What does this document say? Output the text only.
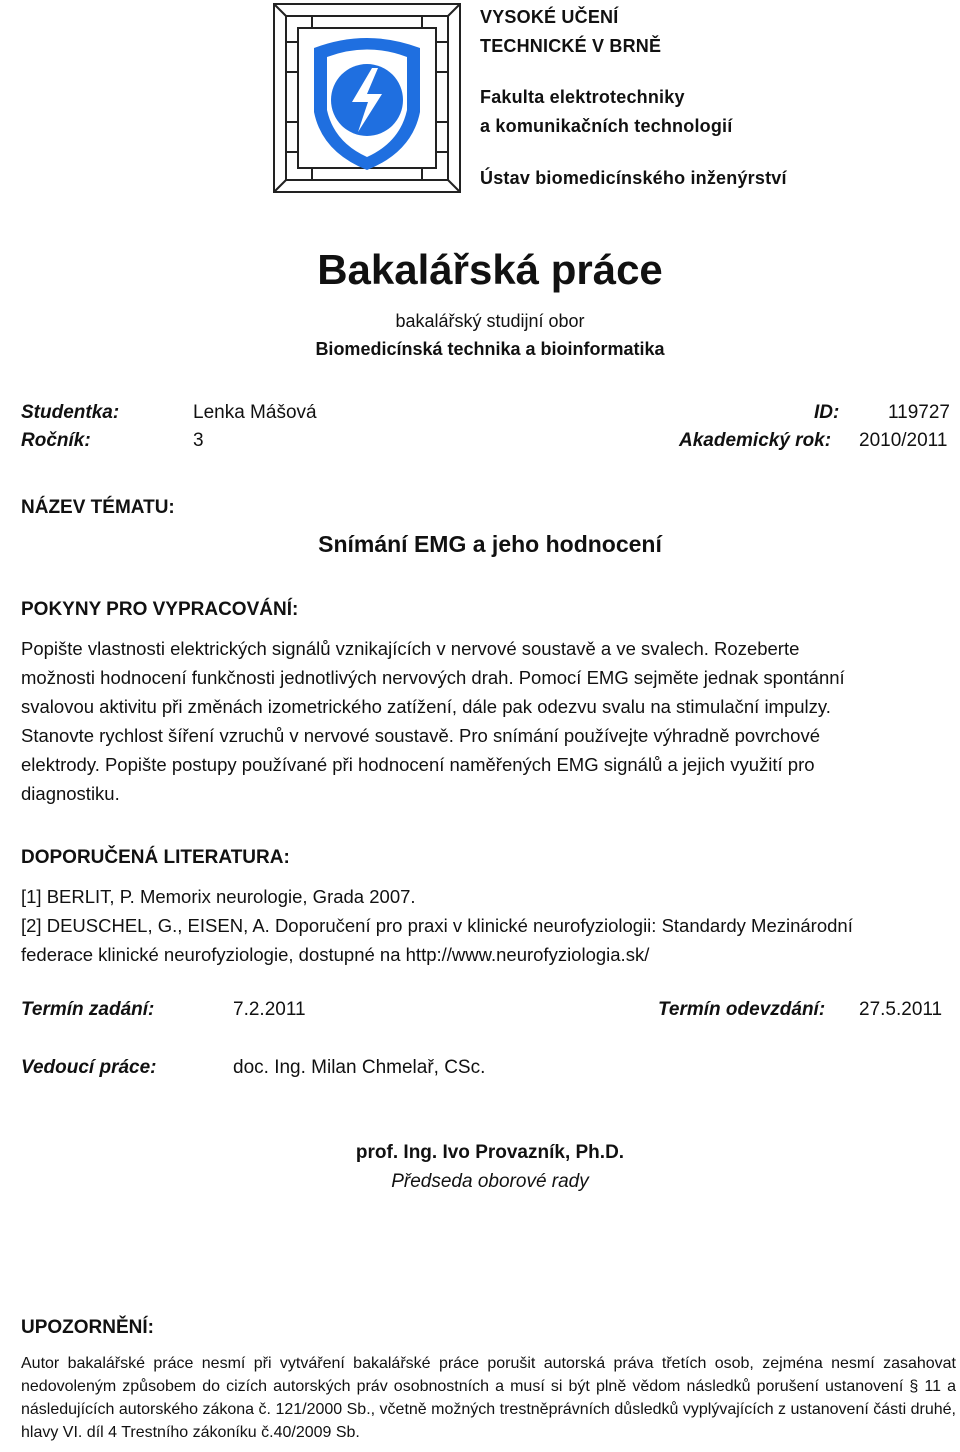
VYSOKÉ UČENÍ
TECHNICKÉ V BRNĚ
Fakulta elektrotechniky
a komunikačních technologií
Ústav biomedicínského inženýrství
Bakalářská práce
bakalářský studijní obor
Biomedicínská technika a bioinformatika
Studentka:	Lenka Mášová	ID:	119727
Ročník:	3	Akademický rok: 2010/2011
NÁZEV TÉMATU:
Snímání EMG a jeho hodnocení
POKYNY PRO VYPRACOVÁNÍ:

Popište vlastnosti elektrických signálů vznikajících v nervové soustavě a ve svalech. Rozeberte

možnosti hodnocení funkčnosti jednotlivých nervových drah. Pomocí EMG sejměte jednak spontánní

svalovou aktivitu při změnách izometrického zatížení, dále pak odezvu svalu na stimulační impulzy.

Stanovte rychlost šíření vzruchů v nervové soustavě. Pro snímání používejte výhradně povrchové

elektrody. Popište postupy používané při hodnocení naměřených EMG signálů a jejich využití pro

diagnostiku.

DOPORUČENÁ LITERATURA:
[1] BERLIT, P. Memorix neurologie, Grada 2007.
[2] DEUSCHEL, G., EISEN, A. Doporučení pro praxi v klinické neurofyziologii: Standardy Mezinárodní
federace klinické neurofyziologie, dostupné na http://www.neurofyziologia.sk/
Termín zadání:	7.2.2011	Termín odevzdání: 27.5.2011
Vedoucí práce:	doc. Ing. Milan Chmelař, CSc.
prof. Ing. Ivo Provazník, Ph.D.
Předseda oborové rady
UPOZORNĚNÍ:
Autor bakalářské práce nesmí při vytváření bakalářské práce porušit autorská práva třetích osob, zejména nesmí zasahovat nedovoleným způsobem do cizích autorských práv osobnostních a musí si být plně vědom následků porušení ustanovení § 11 a následujících autorského zákona č. 121/2000 Sb., včetně možných trestněprávních důsledků vyplývajících z ustanovení části druhé, hlavy VI. díl 4 Trestního zákoníku č.40/2009 Sb.
